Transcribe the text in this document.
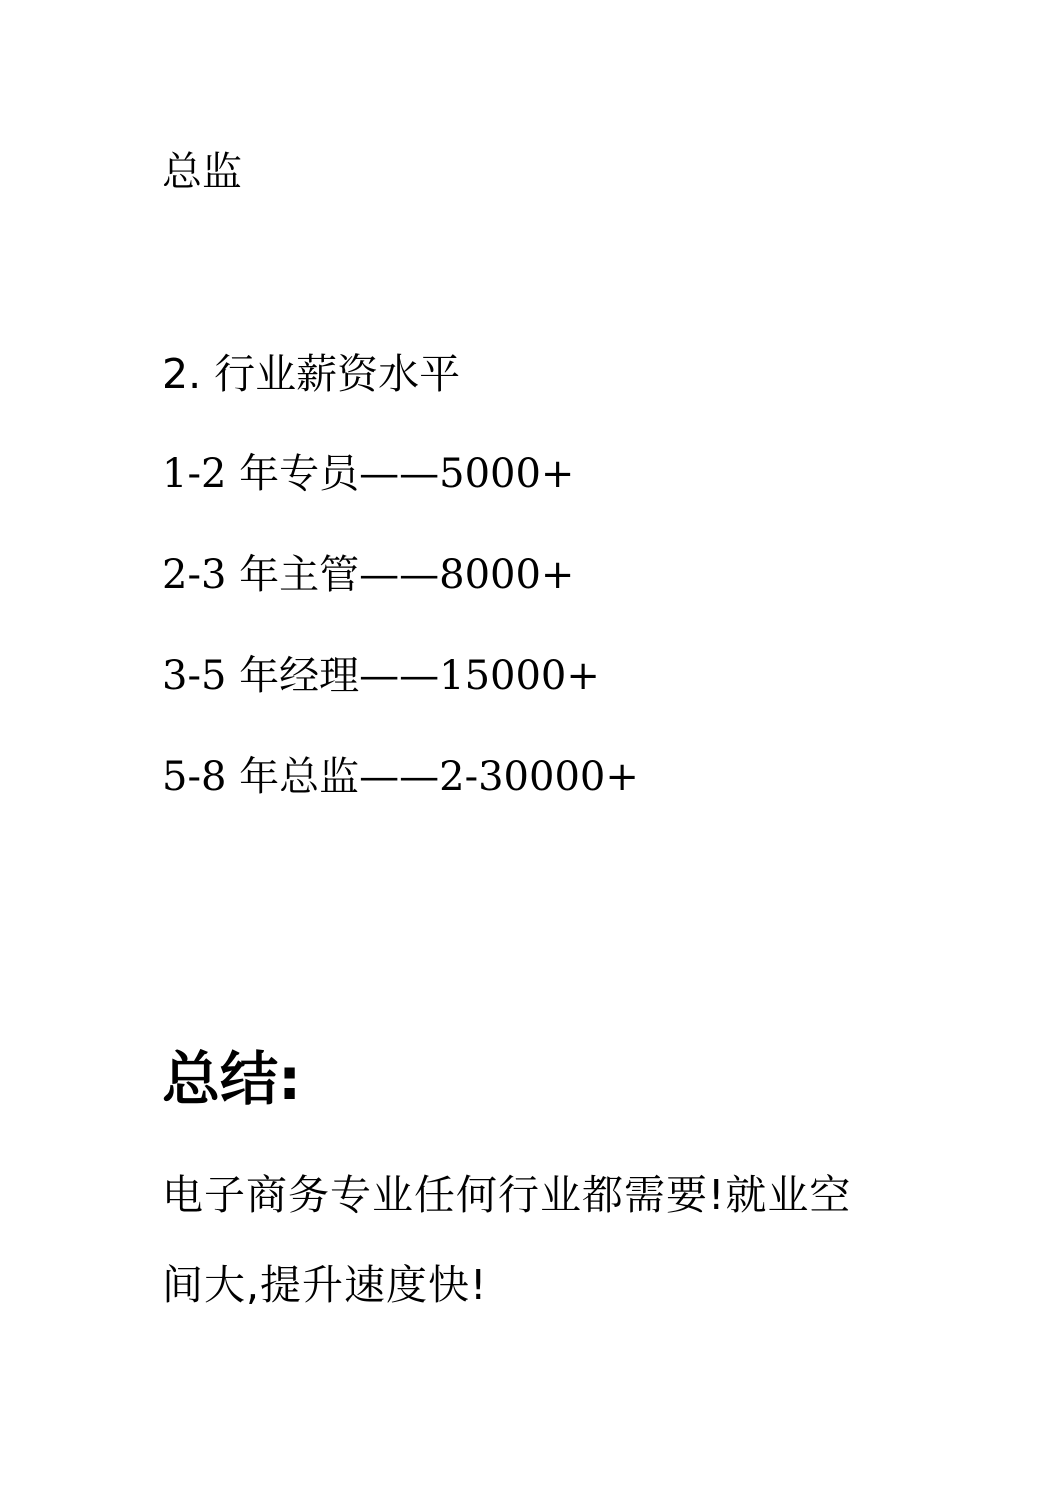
总监
2. 行业薪资水平
1-2 年专员——5000+
2-3 年主管——8000+
3-5 年经理——15000+
5-8 年总监——2-30000+
总结:
电子商务专业任何行业都需要!就业空间大,提升速度快!
